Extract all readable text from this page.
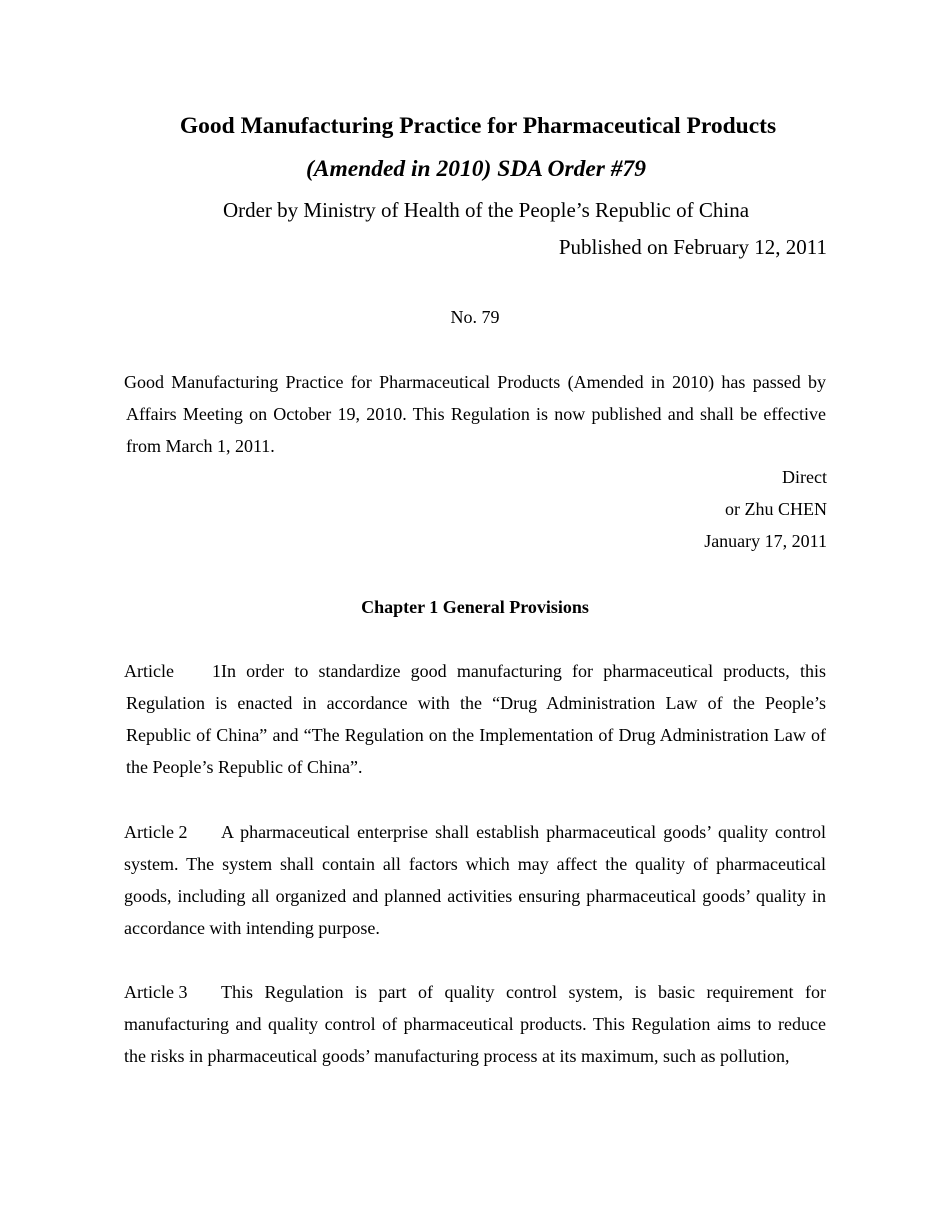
Good Manufacturing Practice for Pharmaceutical Products
(Amended in 2010) SDA Order #79
Order by Ministry of Health of the People’s Republic of China
Published on February 12, 2011
No. 79
Good Manufacturing Practice for Pharmaceutical Products (Amended in 2010) has passed by
Affairs Meeting on October 19, 2010. This Regulation is now published and shall be effective from March 1, 2011.
Direct
or Zhu CHEN
January 17, 2011
Chapter 1 General Provisions
Article 1In order to standardize good manufacturing for pharmaceutical products, this
Regulation is enacted in accordance with the “Drug Administration Law of the People’s Republic of China” and “The Regulation on the Implementation of Drug Administration Law of the People’s Republic of China”.
Article 2 A pharmaceutical enterprise shall establish pharmaceutical goods’ quality control system. The system shall contain all factors which may affect the quality of pharmaceutical goods, including all organized and planned activities ensuring pharmaceutical goods’ quality in accordance with intending purpose.
Article 3 This Regulation is part of quality control system, is basic requirement for manufacturing and quality control of pharmaceutical products. This Regulation aims to reduce the risks in pharmaceutical goods’ manufacturing process at its maximum, such as pollution,
